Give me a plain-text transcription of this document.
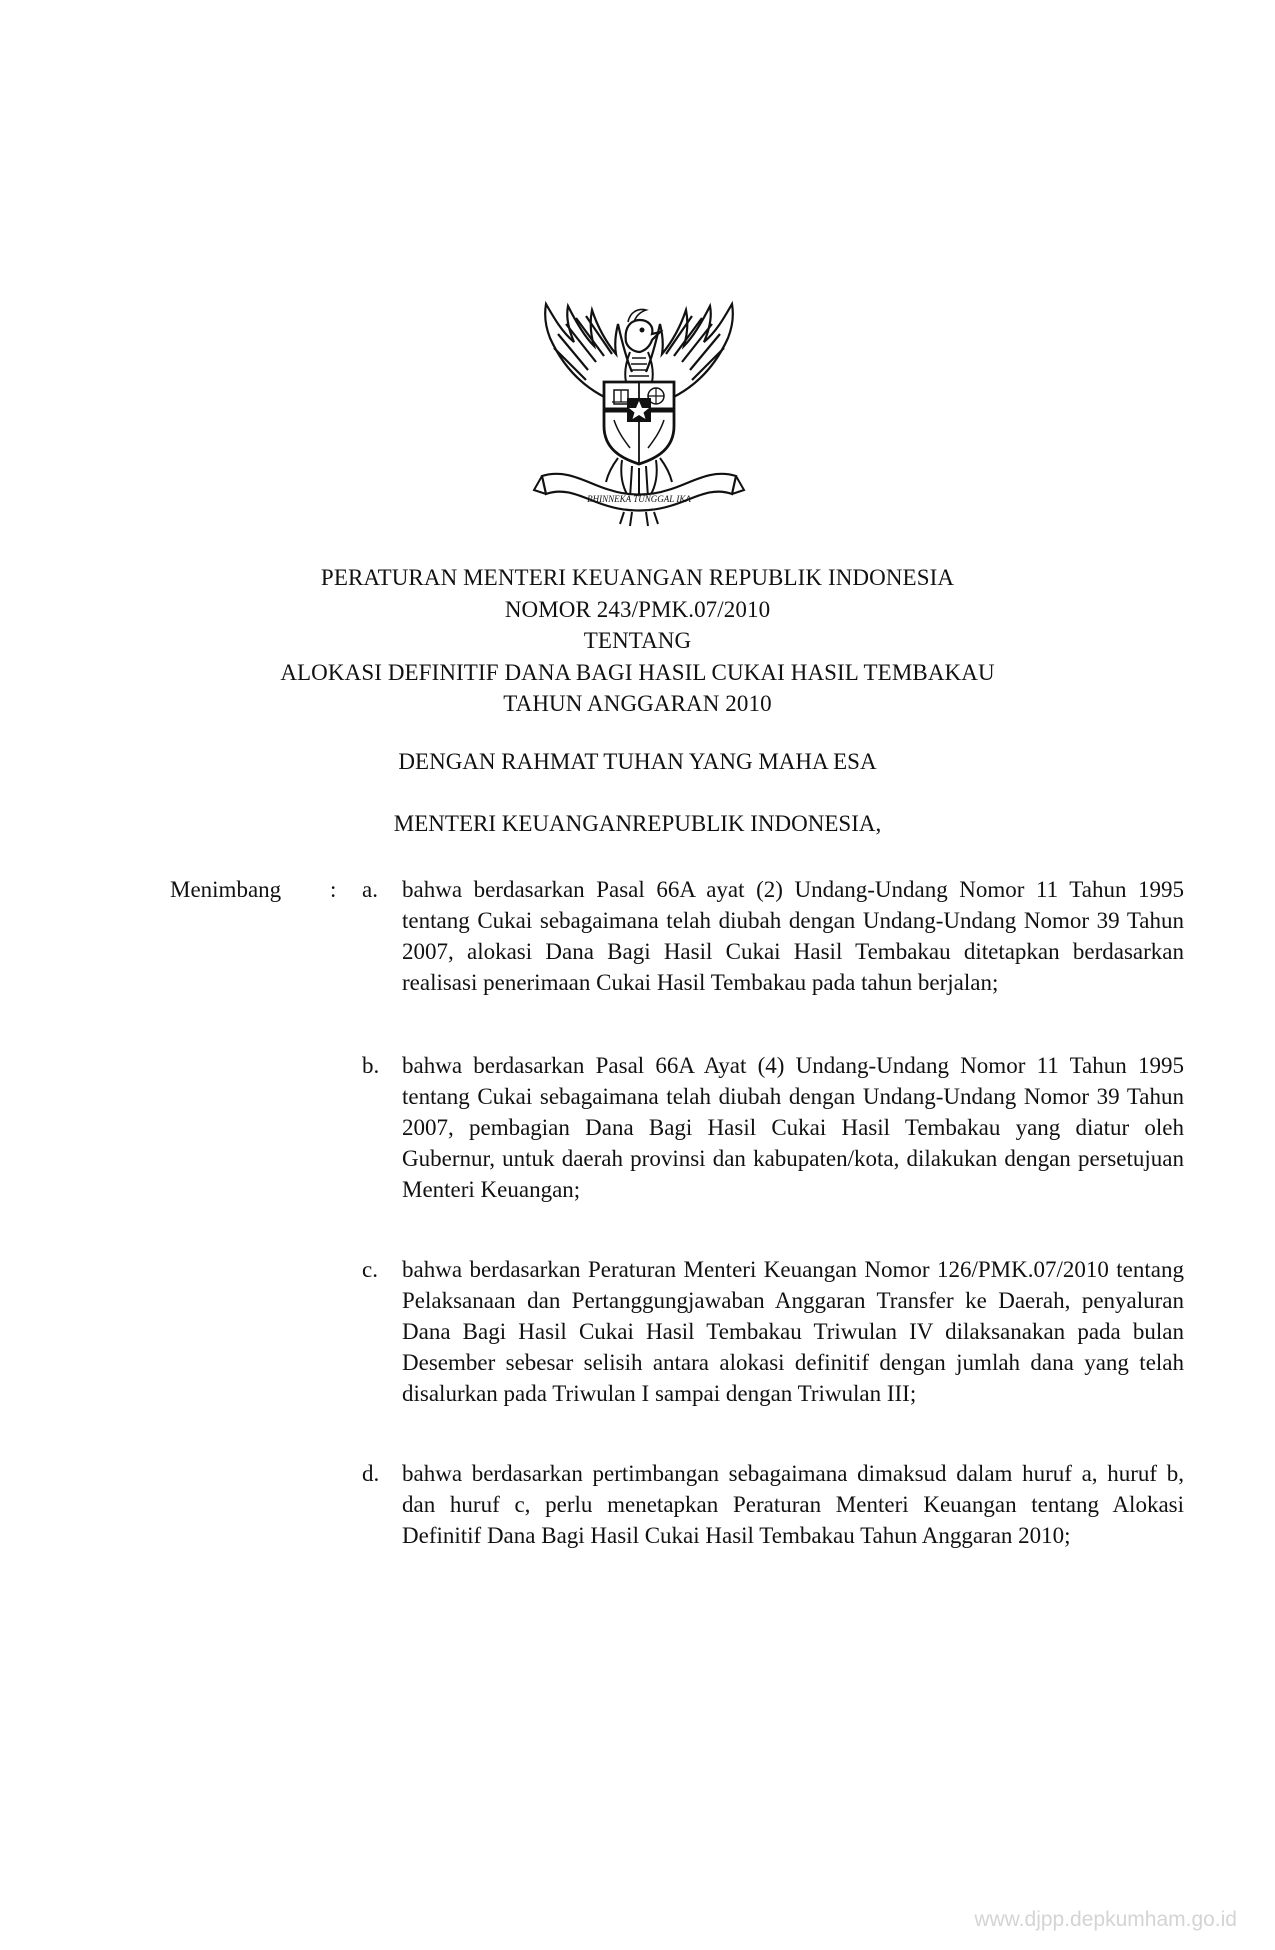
BHINNEKA TUNGGAL IKA
PERATURAN MENTERI KEUANGAN REPUBLIK INDONESIA
NOMOR 243/PMK.07/2010
TENTANG
ALOKASI DEFINITIF DANA BAGI HASIL CUKAI HASIL TEMBAKAU
TAHUN ANGGARAN 2010
DENGAN RAHMAT TUHAN YANG MAHA ESA
MENTERI KEUANGANREPUBLIK INDONESIA,
Menimbang : a.	bahwa berdasarkan Pasal 66A ayat (2) Undang-Undang Nomor 11 Tahun 1995 tentang Cukai sebagaimana telah diubah dengan Undang-Undang Nomor 39 Tahun 2007, alokasi Dana Bagi Hasil Cukai Hasil Tembakau ditetapkan berdasarkan realisasi penerimaan Cukai Hasil Tembakau pada tahun berjalan;
b. bahwa berdasarkan Pasal 66A Ayat (4) Undang-Undang Nomor 11 Tahun 1995 tentang Cukai sebagaimana telah diubah dengan Undang-Undang Nomor 39 Tahun 2007, pembagian Dana Bagi Hasil Cukai Hasil Tembakau yang diatur oleh Gubernur, untuk daerah provinsi dan kabupaten/kota, dilakukan dengan persetujuan Menteri Keuangan;
c.	bahwa berdasarkan Peraturan Menteri Keuangan Nomor 126/PMK.07/2010 tentang Pelaksanaan dan Pertanggungjawaban Anggaran Transfer ke Daerah, penyaluran Dana Bagi Hasil Cukai Hasil Tembakau Triwulan IV dilaksanakan pada bulan Desember sebesar selisih antara alokasi definitif dengan jumlah dana yang telah disalurkan pada Triwulan I sampai dengan Triwulan III;
d. bahwa berdasarkan pertimbangan sebagaimana dimaksud dalam huruf a, huruf b, dan huruf c, perlu menetapkan Peraturan Menteri Keuangan tentang Alokasi Definitif Dana Bagi Hasil Cukai Hasil Tembakau Tahun Anggaran 2010;
www.djpp.depkumham.go.id
